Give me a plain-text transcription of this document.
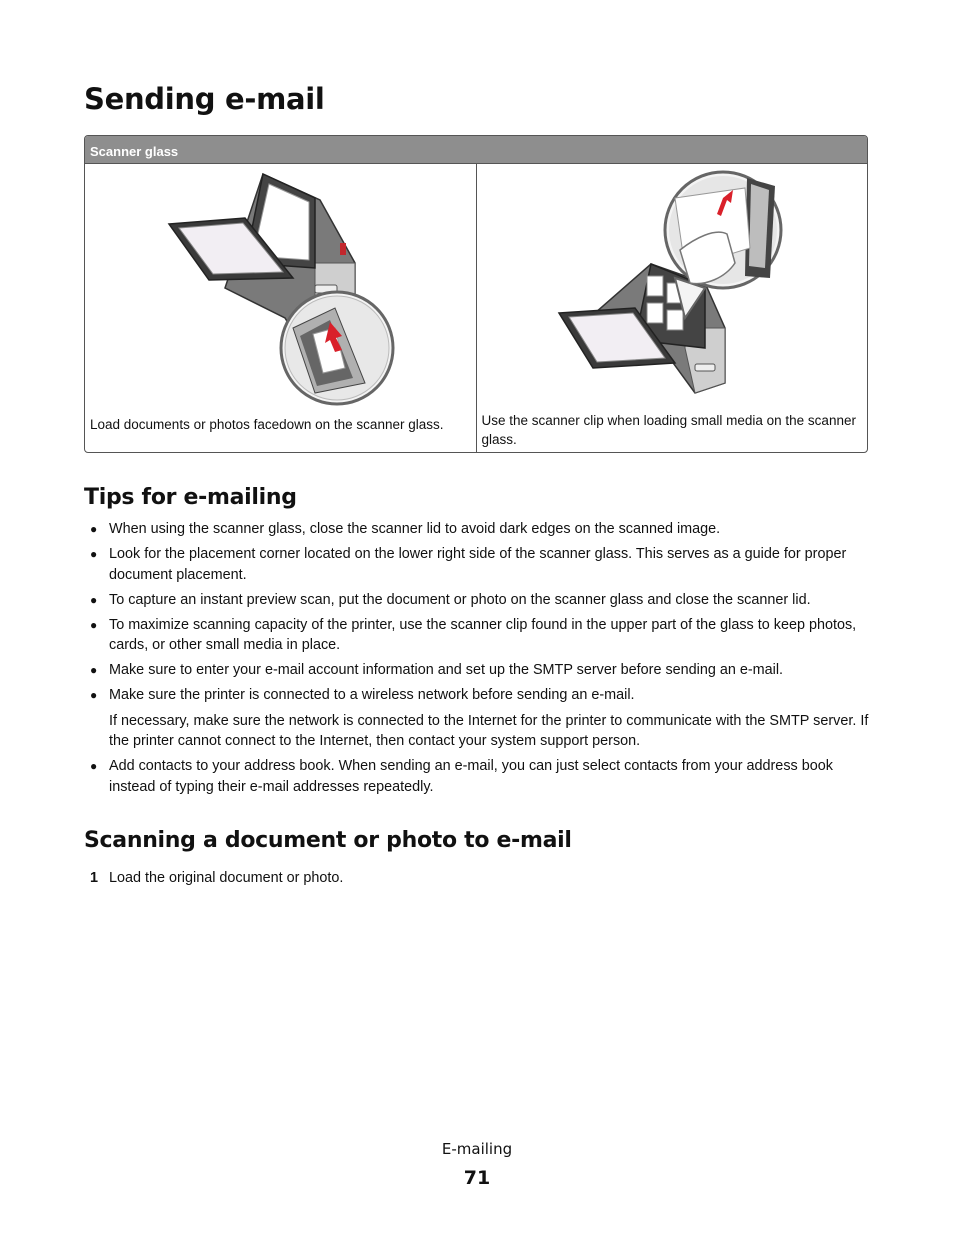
Sending e-mail
Scanner glass
Load documents or photos facedown on the scanner glass.	Use the scanner clip when loading small media on the scanner glass.
Tips for e-mailing
● When using the scanner glass, close the scanner lid to avoid dark edges on the scanned image.
● Look for the placement corner located on the lower right side of the scanner glass. This serves as a guide for proper document placement.
● To capture an instant preview scan, put the document or photo on the scanner glass and close the scanner lid.
● To maximize scanning capacity of the printer, use the scanner clip found in the upper part of the glass to keep photos, cards, or other small media in place.
● Make sure to enter your e-mail account information and set up the SMTP server before sending an e-mail.
● Make sure the printer is connected to a wireless network before sending an e-mail.
If necessary, make sure the network is connected to the Internet for the printer to communicate with the SMTP server. If the printer cannot connect to the Internet, then contact your system support person.
● Add contacts to your address book. When sending an e-mail, you can just select contacts from your address book instead of typing their e-mail addresses repeatedly.
Scanning a document or photo to e-mail
1 Load the original document or photo.
E-mailing
71
